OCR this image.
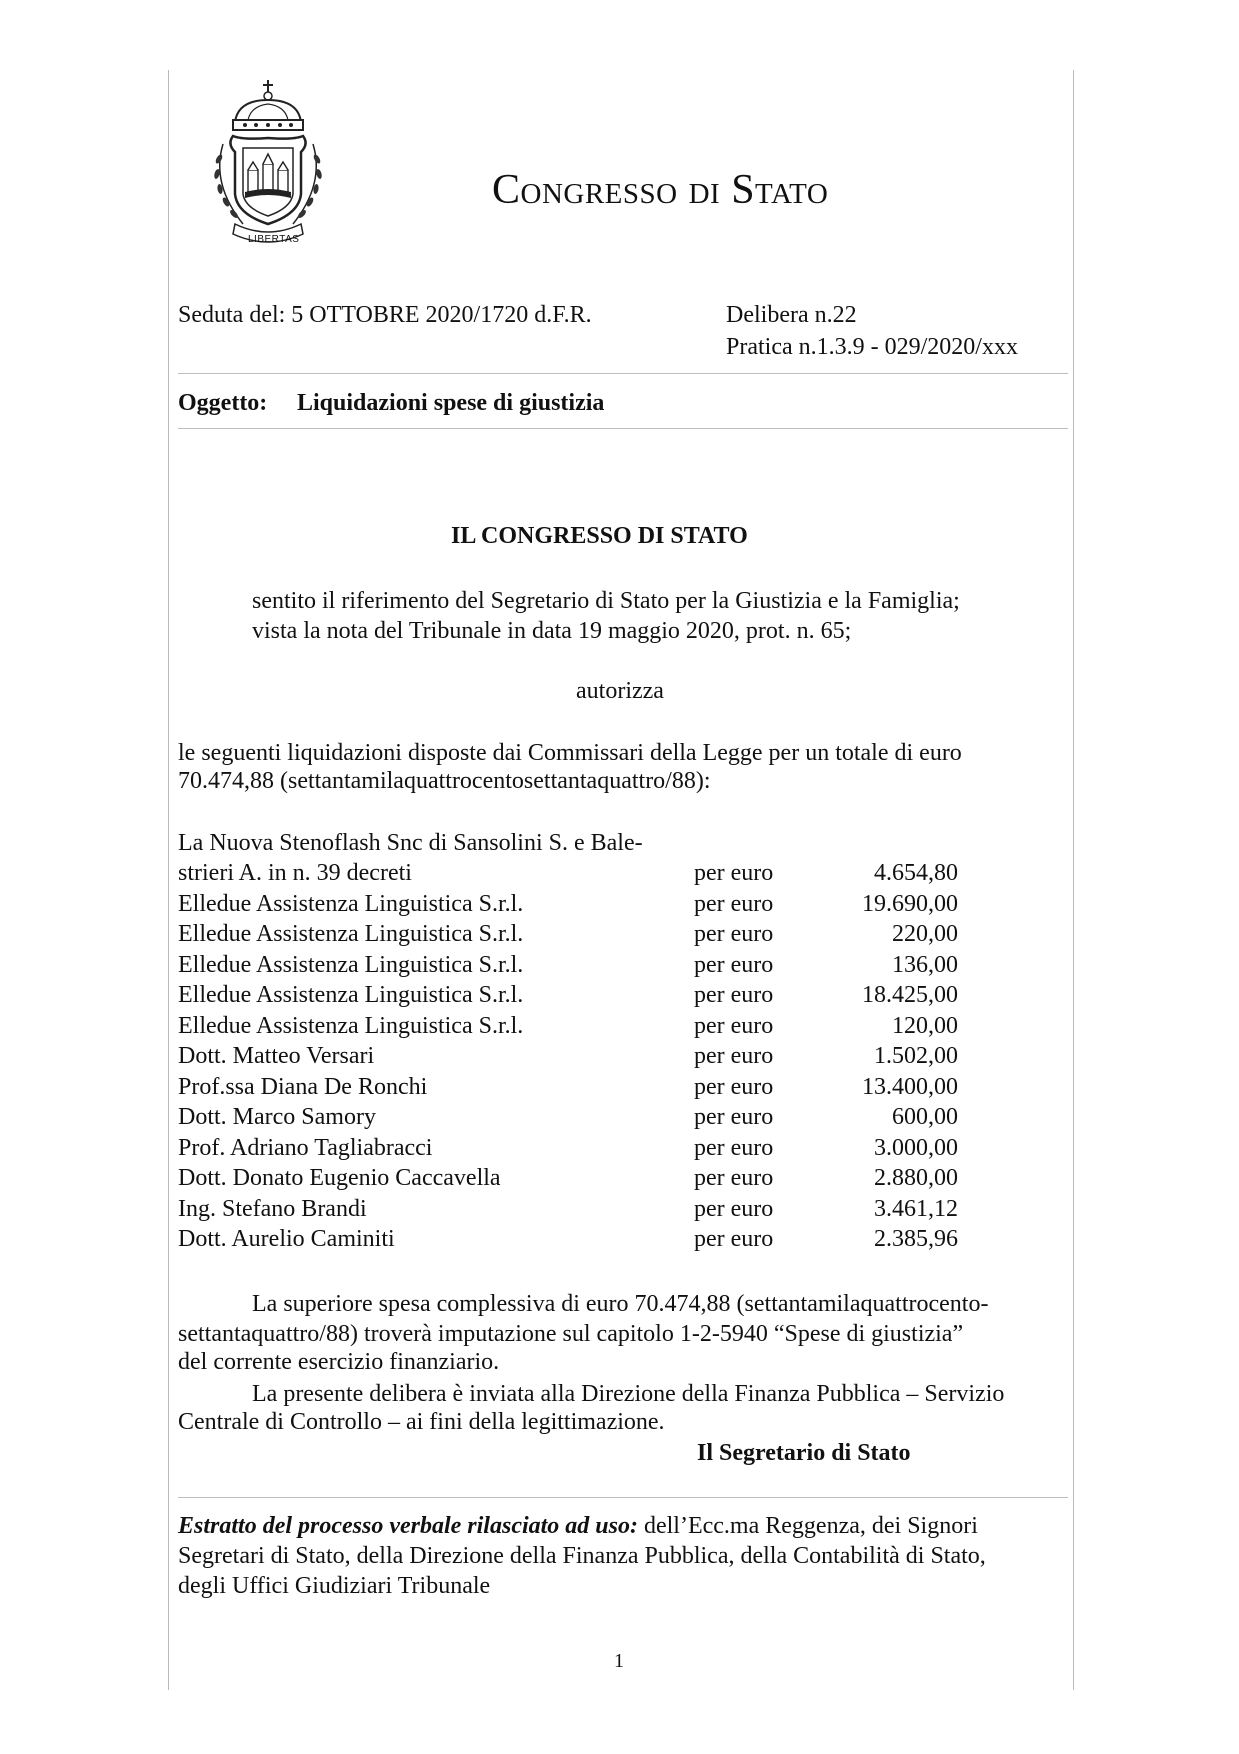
LIBERTAS
Congresso di Stato
Seduta del: 5 OTTOBRE 2020/1720 d.F.R.	Delibera n.22
Pratica n.1.3.9 - 029/2020/xxx
Oggetto: Liquidazioni spese di giustizia
IL CONGRESSO DI STATO
sentito il riferimento del Segretario di Stato per la Giustizia e la Famiglia;
vista la nota del Tribunale in data 19 maggio 2020, prot. n. 65;
autorizza
le seguenti liquidazioni disposte dai Commissari della Legge per un totale di euro
70.474,88 (settantamilaquattrocentosettantaquattro/88):
La Nuova Stenoflash Snc di Sansolini S. e Bale-
strieri A. in n. 39 decreti	per euro	4.654,80
Elledue Assistenza Linguistica S.r.l.	per euro	19.690,00
Elledue Assistenza Linguistica S.r.l.	per euro	220,00
Elledue Assistenza Linguistica S.r.l.	per euro	136,00
Elledue Assistenza Linguistica S.r.l.	per euro	18.425,00
Elledue Assistenza Linguistica S.r.l.	per euro	120,00
Dott. Matteo Versari	per euro	1.502,00
Prof.ssa Diana De Ronchi	per euro	13.400,00
Dott. Marco Samory	per euro	600,00
Prof. Adriano Tagliabracci	per euro	3.000,00
Dott. Donato Eugenio Caccavella	per euro	2.880,00
Ing. Stefano Brandi	per euro	3.461,12
Dott. Aurelio Caminiti	per euro	2.385,96
La superiore spesa complessiva di euro 70.474,88 (settantamilaquattrocento-
settantaquattro/88) troverà imputazione sul capitolo 1-2-5940 “Spese di giustizia”
del corrente esercizio finanziario.
La presente delibera è inviata alla Direzione della Finanza Pubblica – Servizio
Centrale di Controllo – ai fini della legittimazione.
Il Segretario di Stato
Estratto del processo verbale rilasciato ad uso: dell’Ecc.ma Reggenza, dei Signori
Segretari di Stato, della Direzione della Finanza Pubblica, della Contabilità di Stato,
degli Uffici Giudiziari Tribunale
1
